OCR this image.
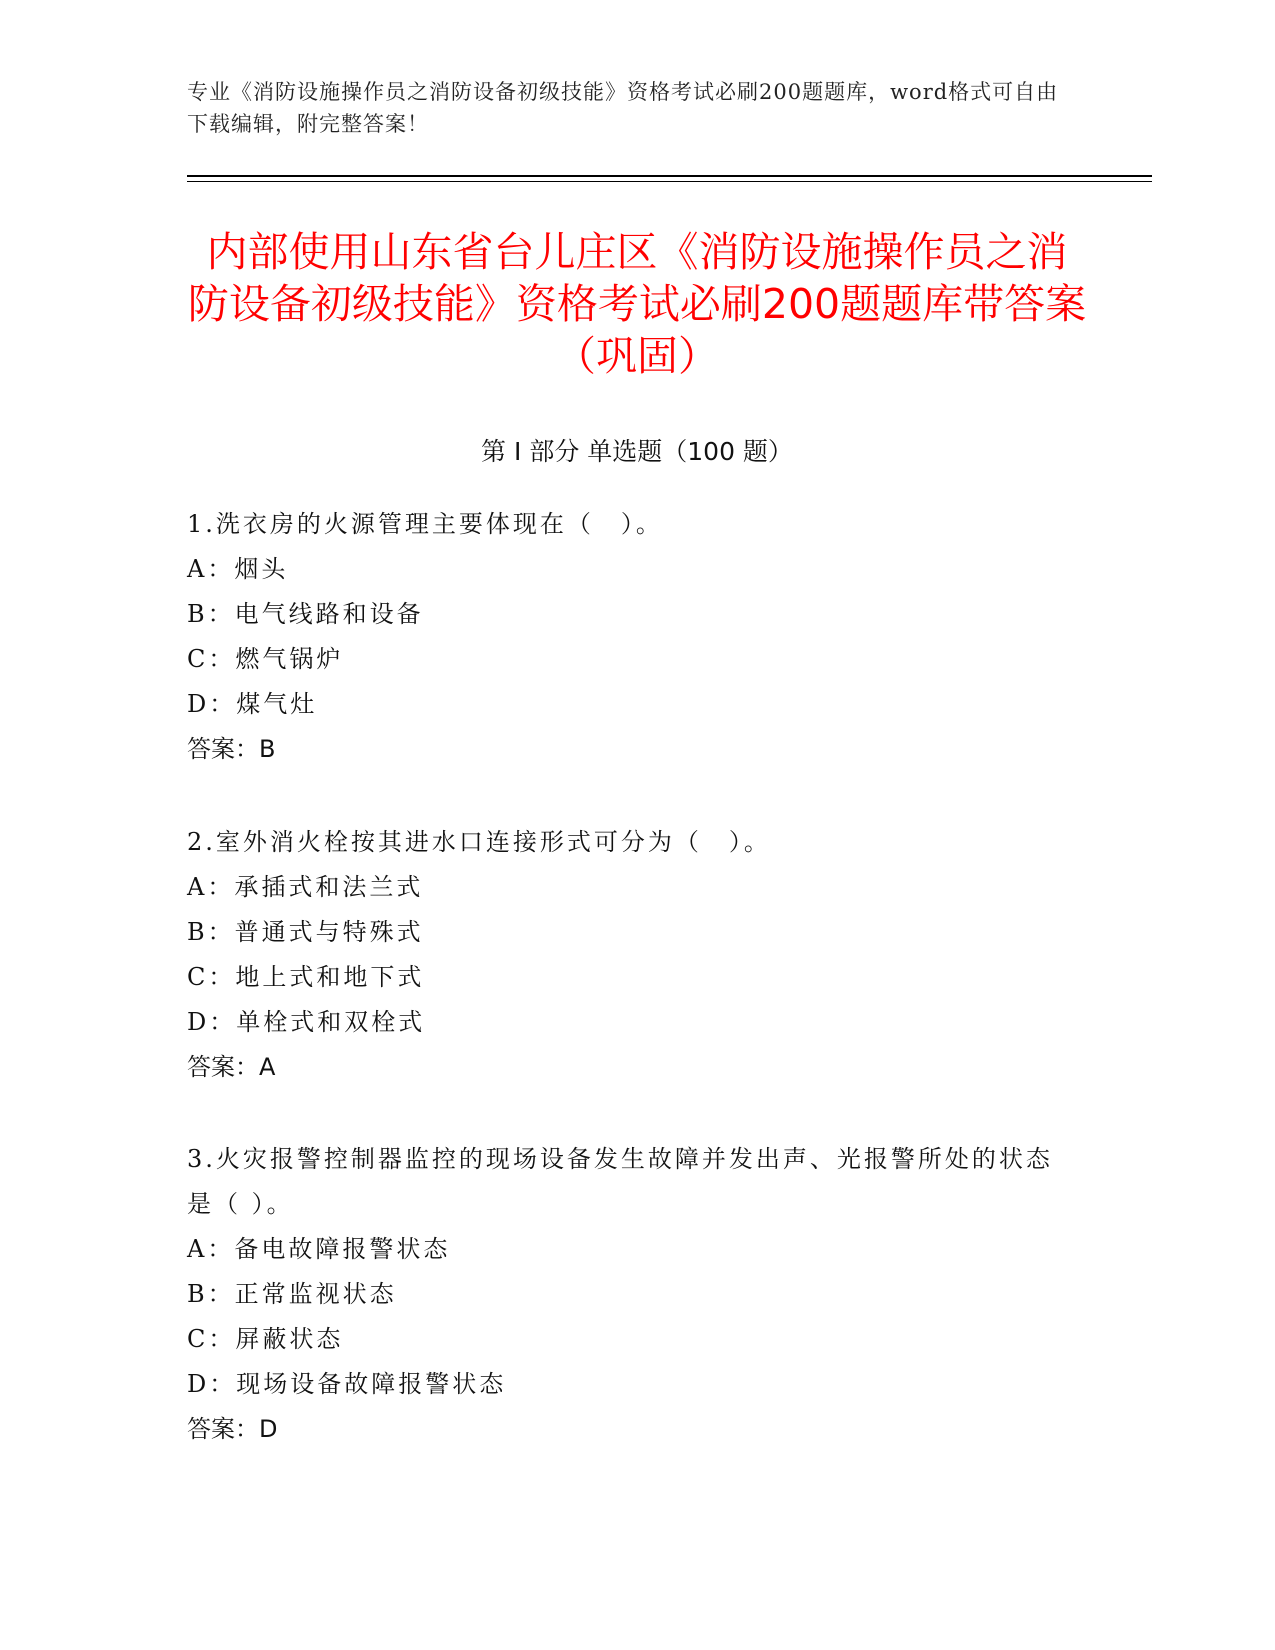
专业《消防设施操作员之消防设备初级技能》资格考试必刷200题题库，word格式可自由下载编辑，附完整答案！
内部使用山东省台儿庄区《消防设施操作员之消防设备初级技能》资格考试必刷200题题库带答案（巩固）
第 I 部分 单选题（100 题）

1.洗衣房的火源管理主要体现在（　）。

A：烟头

B：电气线路和设备

C：燃气锅炉

D：煤气灶

答案：B

2.室外消火栓按其进水口连接形式可分为（　）。

A：承插式和法兰式

B：普通式与特殊式

C：地上式和地下式

D：单栓式和双栓式

答案：A

3.火灾报警控制器监控的现场设备发生故障并发出声、光报警所处的状态是（ ）。

A：备电故障报警状态

B：正常监视状态

C：屏蔽状态

D：现场设备故障报警状态

答案：D
